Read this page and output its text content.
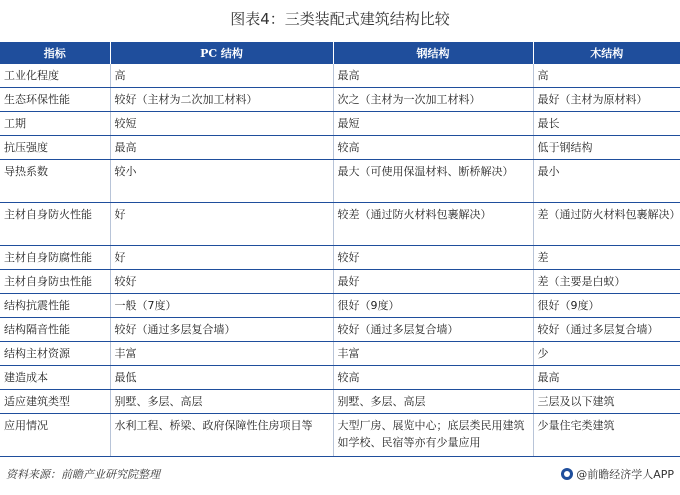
图表4：三类装配式建筑结构比较
指标	PC 结构	钢结构	木结构
工业化程度	高	最高	高
生态环保性能	较好（主材为二次加工材料）	次之（主材为一次加工材料）	最好（主材为原材料）
工期	较短	最短	最长
抗压强度	最高	较高	低于钢结构
导热系数	较小	最大（可使用保温材料、断桥解决）	最小
主材自身防火性能	好	较差（通过防火材料包裹解决）	差（通过防火材料包裹解决）
主材自身防腐性能	好	较好	差
主材自身防虫性能	较好	最好	差（主要是白蚁）
结构抗震性能	一般（7度）	很好（9度）	很好（9度）
结构隔音性能	较好（通过多层复合墙）	较好（通过多层复合墙）	较好（通过多层复合墙）
结构主材资源	丰富	丰富	少
建造成本	最低	较高	最高
适应建筑类型	别墅、多层、高层	别墅、多层、高层	三层及以下建筑
应用情况	水利工程、桥梁、政府保障性住房项目等	大型厂房、展览中心；底层类民用建筑如学校、民宿等亦有少量应用	少量住宅类建筑
资料来源：前瞻产业研究院整理	@前瞻经济学人APP
